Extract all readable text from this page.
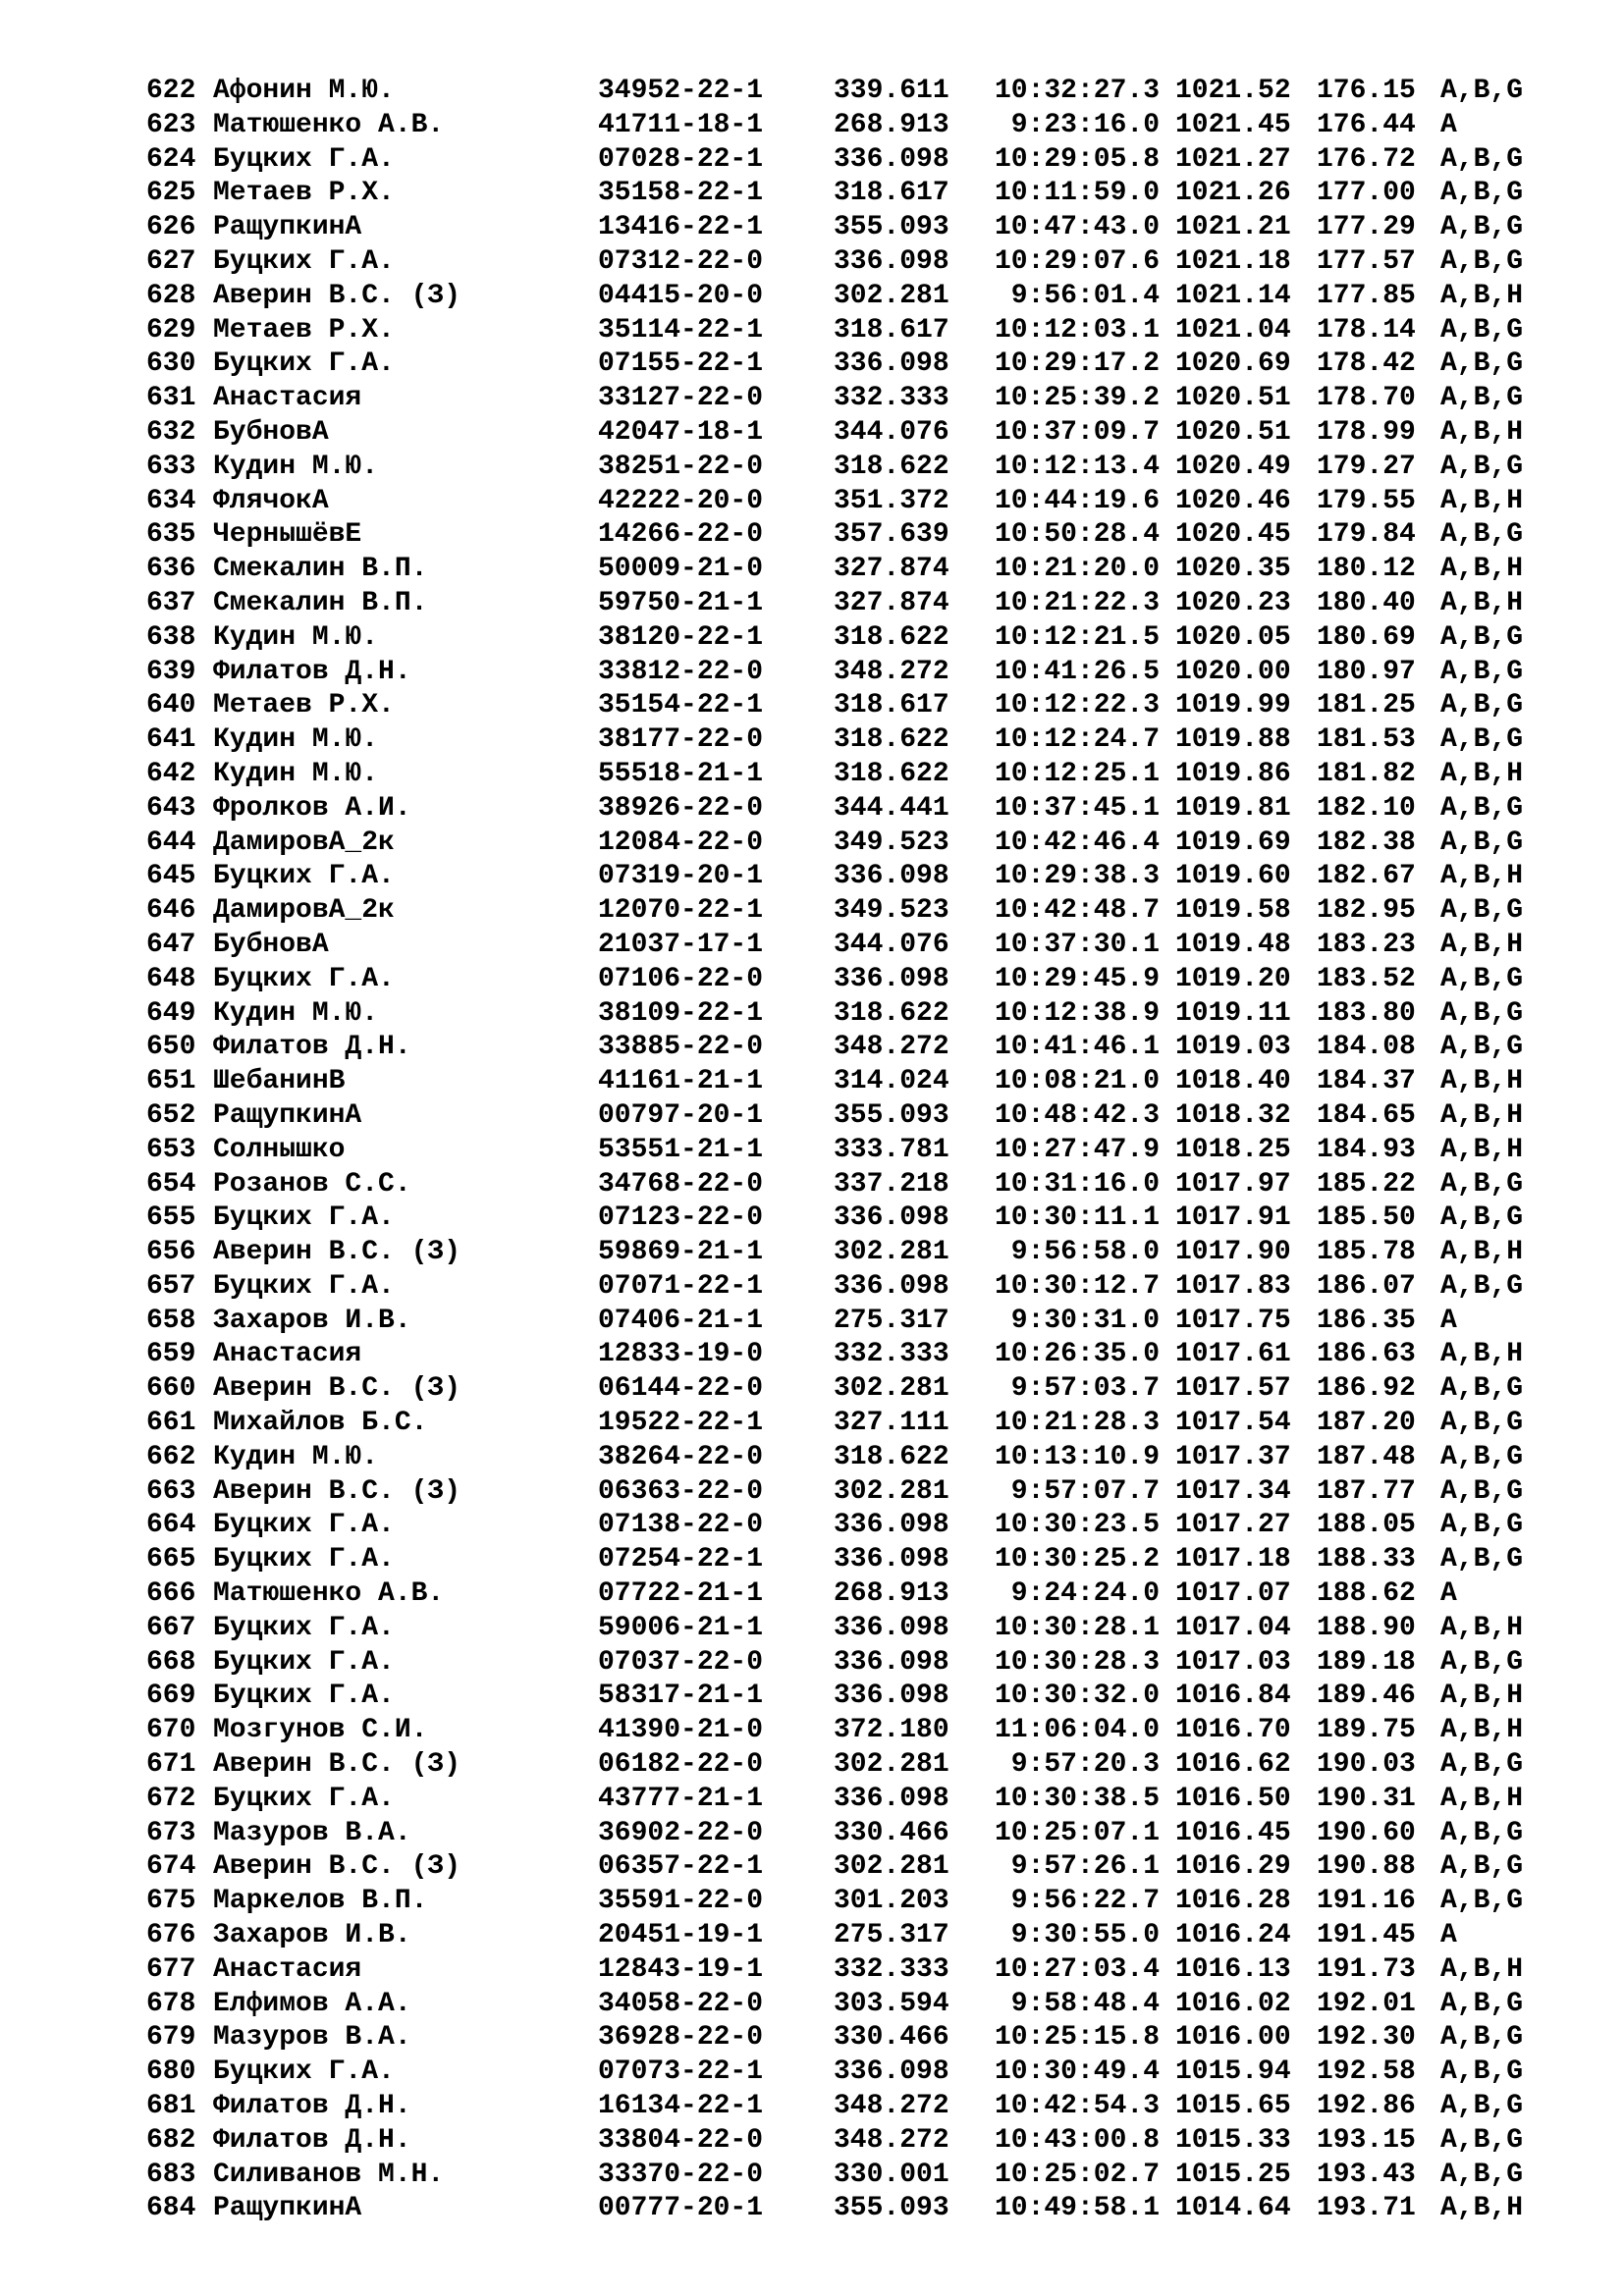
622 Афонин М.Ю.	34952-22-1	339.611	10:32:27.3 1021.52 176.15 A,B,G
623 Матюшенко А.В.	41711-18-1	268.913	9:23:16.0 1021.45 176.44 A
624 Буцких Г.А.	07028-22-1	336.098	10:29:05.8 1021.27 176.72 A,B,G
625 Метаев Р.Х.	35158-22-1	318.617	10:11:59.0 1021.26 177.00 A,B,G
626 РащупкинА	13416-22-1	355.093	10:47:43.0 1021.21 177.29 A,B,G
627 Буцких Г.А.	07312-22-0	336.098	10:29:07.6 1021.18 177.57 A,B,G
628 Аверин В.С. (З)	04415-20-0	302.281	9:56:01.4 1021.14 177.85 A,B,H
629 Метаев Р.Х.	35114-22-1	318.617	10:12:03.1 1021.04 178.14 A,B,G
630 Буцких Г.А.	07155-22-1	336.098	10:29:17.2 1020.69 178.42 A,B,G
631 Анастасия	33127-22-0	332.333	10:25:39.2 1020.51 178.70 A,B,G
632 БубновА	42047-18-1	344.076	10:37:09.7 1020.51 178.99 A,B,H
633 Кудин М.Ю.	38251-22-0	318.622	10:12:13.4 1020.49 179.27 A,B,G
634 ФлячокА	42222-20-0	351.372	10:44:19.6 1020.46 179.55 A,B,H
635 ЧернышёвЕ	14266-22-0	357.639	10:50:28.4 1020.45 179.84 A,B,G
636 Смекалин В.П.	50009-21-0	327.874	10:21:20.0 1020.35 180.12 A,B,H
637 Смекалин В.П.	59750-21-1	327.874	10:21:22.3 1020.23 180.40 A,B,H
638 Кудин М.Ю.	38120-22-1	318.622	10:12:21.5 1020.05 180.69 A,B,G
639 Филатов Д.Н.	33812-22-0	348.272	10:41:26.5 1020.00 180.97 A,B,G
640 Метаев Р.Х.	35154-22-1	318.617	10:12:22.3 1019.99 181.25 A,B,G
641 Кудин М.Ю.	38177-22-0	318.622	10:12:24.7 1019.88 181.53 A,B,G
642 Кудин М.Ю.	55518-21-1	318.622	10:12:25.1 1019.86 181.82 A,B,H
643 Фролков А.И.	38926-22-0	344.441	10:37:45.1 1019.81 182.10 A,B,G
644 ДамировА_2к	12084-22-0	349.523	10:42:46.4 1019.69 182.38 A,B,G
645 Буцких Г.А.	07319-20-1	336.098	10:29:38.3 1019.60 182.67 A,B,H
646 ДамировА_2к	12070-22-1	349.523	10:42:48.7 1019.58 182.95 A,B,G
647 БубновА	21037-17-1	344.076	10:37:30.1 1019.48 183.23 A,B,H
648 Буцких Г.А.	07106-22-0	336.098	10:29:45.9 1019.20 183.52 A,B,G
649 Кудин М.Ю.	38109-22-1	318.622	10:12:38.9 1019.11 183.80 A,B,G
650 Филатов Д.Н.	33885-22-0	348.272	10:41:46.1 1019.03 184.08 A,B,G
651 ШебанинВ	41161-21-1	314.024	10:08:21.0 1018.40 184.37 A,B,H
652 РащупкинА	00797-20-1	355.093	10:48:42.3 1018.32 184.65 A,B,H
653 Солнышко	53551-21-1	333.781	10:27:47.9 1018.25 184.93 A,B,H
654 Розанов С.С.	34768-22-0	337.218	10:31:16.0 1017.97 185.22 A,B,G
655 Буцких Г.А.	07123-22-0	336.098	10:30:11.1 1017.91 185.50 A,B,G
656 Аверин В.С. (З)	59869-21-1	302.281	9:56:58.0 1017.90 185.78 A,B,H
657 Буцких Г.А.	07071-22-1	336.098	10:30:12.7 1017.83 186.07 A,B,G
658 Захаров И.В.	07406-21-1	275.317	9:30:31.0 1017.75 186.35 A
659 Анастасия	12833-19-0	332.333	10:26:35.0 1017.61 186.63 A,B,H
660 Аверин В.С. (З)	06144-22-0	302.281	9:57:03.7 1017.57 186.92 A,B,G
661 Михайлов Б.С.	19522-22-1	327.111	10:21:28.3 1017.54 187.20 A,B,G
662 Кудин М.Ю.	38264-22-0	318.622	10:13:10.9 1017.37 187.48 A,B,G
663 Аверин В.С. (З)	06363-22-0	302.281	9:57:07.7 1017.34 187.77 A,B,G
664 Буцких Г.А.	07138-22-0	336.098	10:30:23.5 1017.27 188.05 A,B,G
665 Буцких Г.А.	07254-22-1	336.098	10:30:25.2 1017.18 188.33 A,B,G
666 Матюшенко А.В.	07722-21-1	268.913	9:24:24.0 1017.07 188.62 A
667 Буцких Г.А.	59006-21-1	336.098	10:30:28.1 1017.04 188.90 A,B,H
668 Буцких Г.А.	07037-22-0	336.098	10:30:28.3 1017.03 189.18 A,B,G
669 Буцких Г.А.	58317-21-1	336.098	10:30:32.0 1016.84 189.46 A,B,H
670 Мозгунов С.И.	41390-21-0	372.180	11:06:04.0 1016.70 189.75 A,B,H
671 Аверин В.С. (З)	06182-22-0	302.281	9:57:20.3 1016.62 190.03 A,B,G
672 Буцких Г.А.	43777-21-1	336.098	10:30:38.5 1016.50 190.31 A,B,H
673 Мазуров В.А.	36902-22-0	330.466	10:25:07.1 1016.45 190.60 A,B,G
674 Аверин В.С. (З)	06357-22-1	302.281	9:57:26.1 1016.29 190.88 A,B,G
675 Маркелов В.П.	35591-22-0	301.203	9:56:22.7 1016.28 191.16 A,B,G
676 Захаров И.В.	20451-19-1	275.317	9:30:55.0 1016.24 191.45 A
677 Анастасия	12843-19-1	332.333	10:27:03.4 1016.13 191.73 A,B,H
678 Елфимов А.А.	34058-22-0	303.594	9:58:48.4 1016.02 192.01 A,B,G
679 Мазуров В.А.	36928-22-0	330.466	10:25:15.8 1016.00 192.30 A,B,G
680 Буцких Г.А.	07073-22-1	336.098	10:30:49.4 1015.94 192.58 A,B,G
681 Филатов Д.Н.	16134-22-1	348.272	10:42:54.3 1015.65 192.86 A,B,G
682 Филатов Д.Н.	33804-22-0	348.272	10:43:00.8 1015.33 193.15 A,B,G
683 Силиванов М.Н.	33370-22-0	330.001	10:25:02.7 1015.25 193.43 A,B,G
684 РащупкинА	00777-20-1	355.093	10:49:58.1 1014.64 193.71 A,B,H
